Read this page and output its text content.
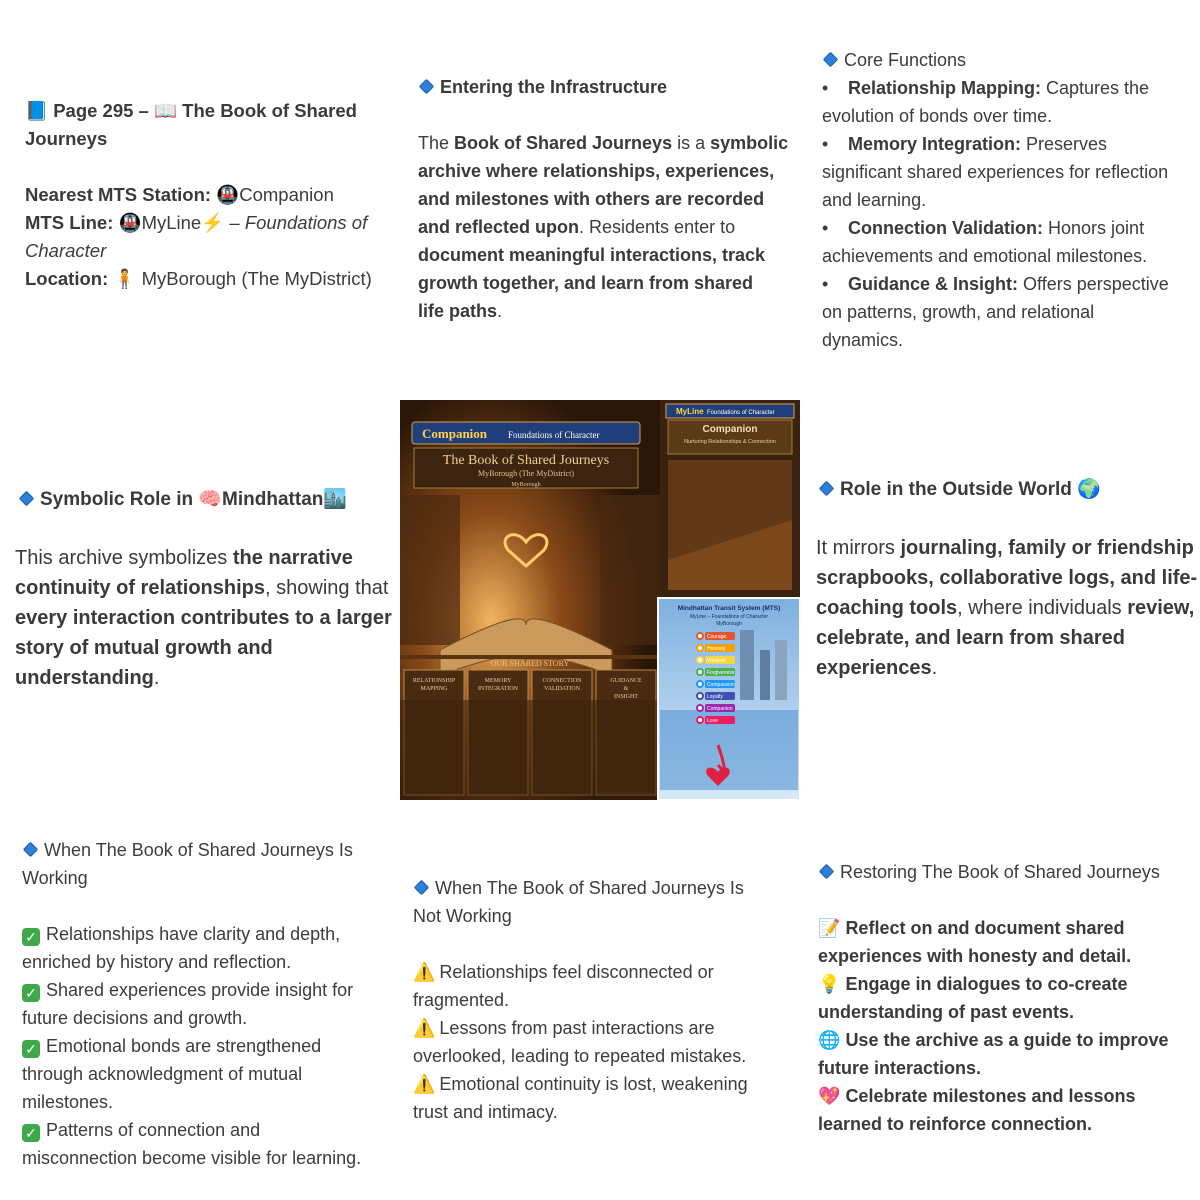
📘 Page 295 – 📖 The Book of Shared

Journeys

Nearest MTS Station: 🚇Companion

MTS Line: 🚇MyLine⚡ – Foundations of

Character

Location: 🧍 MyBorough (The MyDistrict)

Entering the Infrastructure

The Book of Shared Journeys is a symbolic

archive where relationships, experiences,

and milestones with others are recorded

and reflected upon. Residents enter to

document meaningful interactions, track

growth together, and learn from shared

life paths.

Core Functions

• Relationship Mapping: Captures the

evolution of bonds over time.

• Memory Integration: Preserves

significant shared experiences for reflection

and learning.

• Connection Validation: Honors joint

achievements and emotional milestones.

• Guidance & Insight: Offers perspective

on patterns, growth, and relational

dynamics.

Symbolic Role in 🧠Mindhattan🏙️

This archive symbolizes the narrative

continuity of relationships, showing that

every interaction contributes to a larger

story of mutual growth and

understanding.

Companion Foundations of Character
The Book of Shared Journeys
MyBorough (The MyDistrict)
MyBorough
OUR SHARED STORY
RELATIONSHIP
MAPPING
MEMORY
INTEGRATION
CONNECTION
VALIDATION
GUIDANCE
&
INSIGHT
MyLine Foundations of Character
Companion
Nurturing Relationships & Connection
Mindhattan Transit System (MTS)
MyLine – Foundations of Character
MyBorough
Courage
Honesty
Wisdom
Forgiveness
Compassion
Loyalty
Companion
Love

Role in the Outside World 🌍

It mirrors journaling, family or friendship

scrapbooks, collaborative logs, and life-

coaching tools, where individuals review,

celebrate, and learn from shared

experiences.

When The Book of Shared Journeys Is

Working

✓ Relationships have clarity and depth,

enriched by history and reflection.

✓ Shared experiences provide insight for

future decisions and growth.

✓ Emotional bonds are strengthened

through acknowledgment of mutual

milestones.

✓ Patterns of connection and

misconnection become visible for learning.

When The Book of Shared Journeys Is

Not Working

⚠️ Relationships feel disconnected or

fragmented.

⚠️ Lessons from past interactions are

overlooked, leading to repeated mistakes.

⚠️ Emotional continuity is lost, weakening

trust and intimacy.

Restoring The Book of Shared Journeys

📝 Reflect on and document shared

experiences with honesty and detail.

💡 Engage in dialogues to co-create

understanding of past events.

🌐 Use the archive as a guide to improve

future interactions.

💖 Celebrate milestones and lessons

learned to reinforce connection.
